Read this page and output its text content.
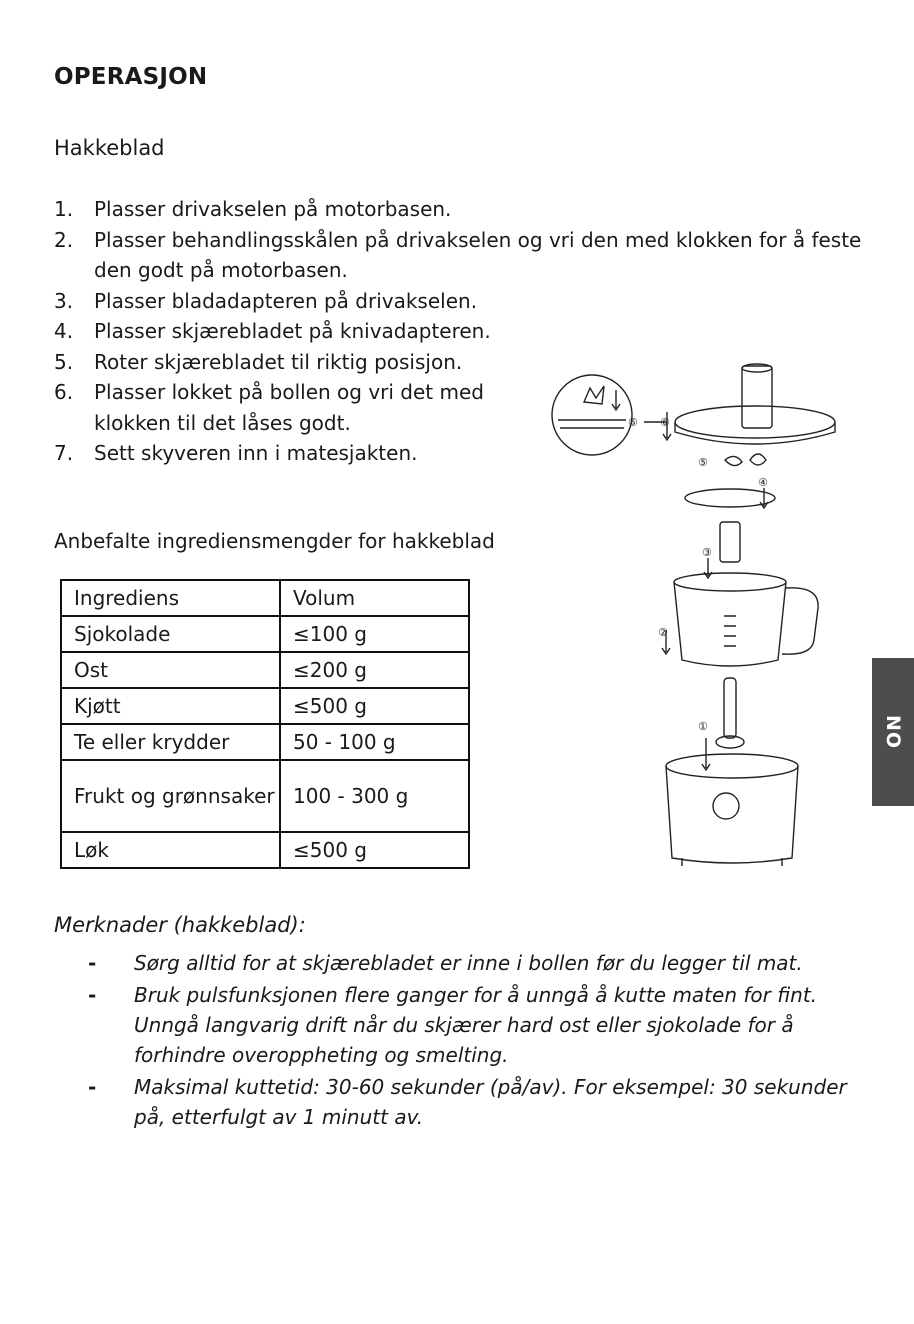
OPERASJON
Hakkeblad
1. Plasser drivakselen på motorbasen.
2. Plasser behandlingsskålen på drivakselen og vri den med klokken for å feste den godt på motorbasen.
3. Plasser bladadapteren på drivakselen.
4. Plasser skjærebladet på knivadapteren.
5. Roter skjærebladet til riktig posisjon.
6. Plasser lokket på bollen og vri det med
klokken til det låses godt.
7. Sett skyveren inn i matesjakten.
Anbefalte ingrediensmengder for hakkeblad
Ingrediens	Volum
Sjokolade	≤100 g
Ost	≤200 g
Kjøtt	≤500 g
Te eller krydder	50 - 100 g
Frukt og grønnsaker	100 - 300 g
Løk	≤500 g
⑥ ⑥
⑤
④
③
②
①
Merknader (hakkeblad):
- Sørg alltid for at skjærebladet er inne i bollen før du legger til mat.
- Bruk pulsfunksjonen flere ganger for å unngå å kutte maten for fint. Unngå langvarig drift når du skjærer hard ost eller sjokolade for å forhindre overoppheting og smelting.
- Maksimal kuttetid: 30-60 sekunder (på/av). For eksempel: 30 sekunder på, etterfulgt av 1 minutt av.
NO
